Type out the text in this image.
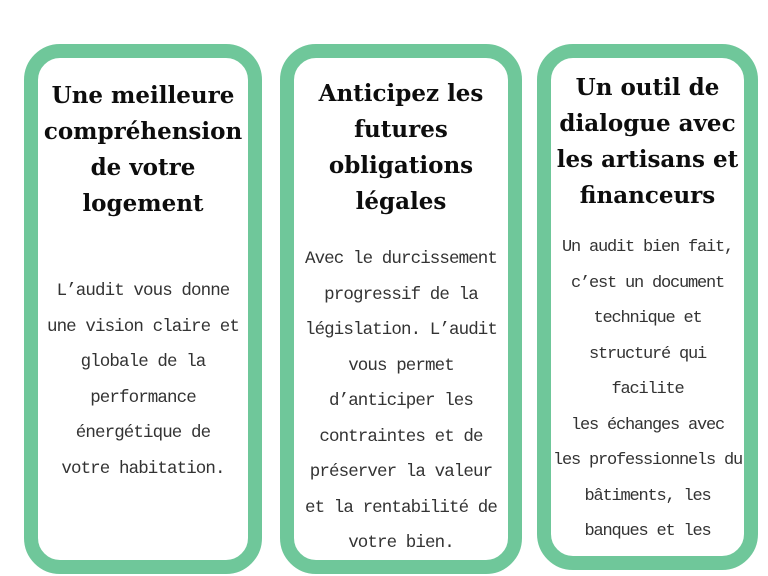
Une meilleure
compréhension
de votre
logement

L’audit vous donne
une vision claire et
globale de la
performance
énergétique de
votre habitation.

Anticipez les
futures
obligations
légales

Avec le durcissement
progressif de la
législation. L’audit
vous permet
d’anticiper les
contraintes et de
préserver la valeur
et la rentabilité de
votre bien.

Un outil de
dialogue avec
les artisans et
financeurs

Un audit bien fait,
c’est un document
technique et
structuré qui facilite
les échanges avec
les professionnels du
bâtiments, les
banques et les
organismes publics.
